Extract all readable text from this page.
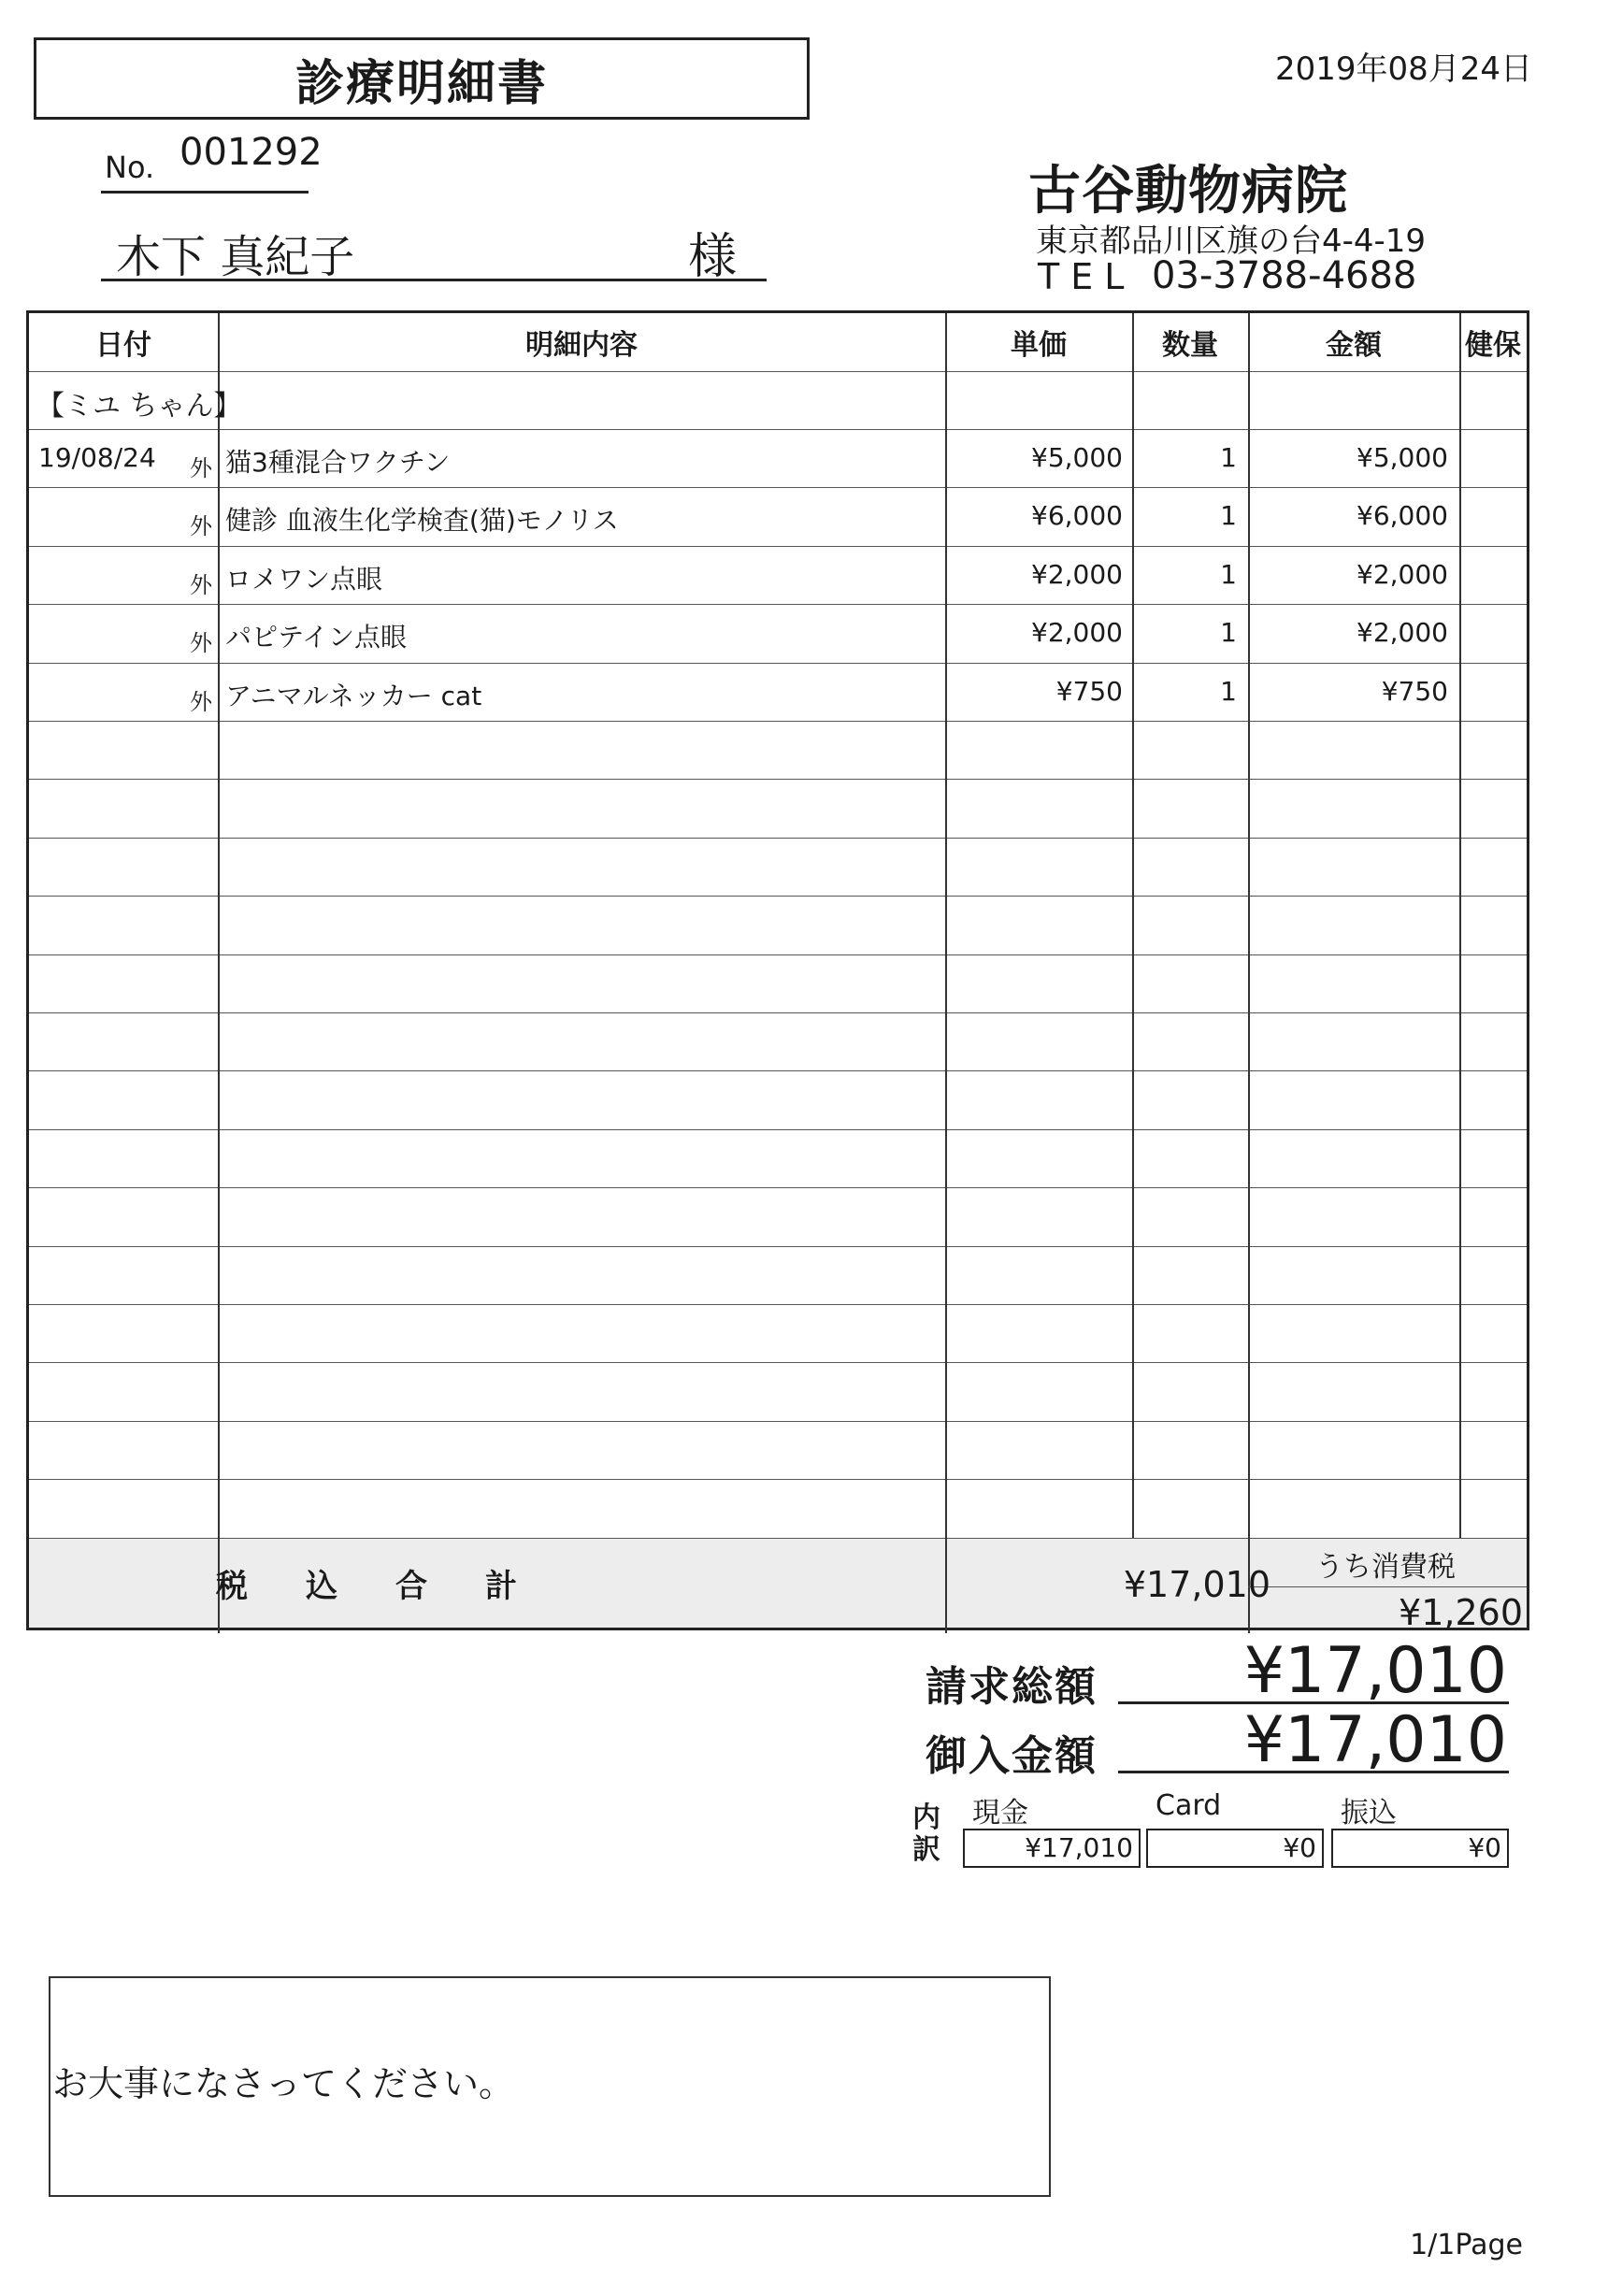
診療明細書	2019年08月24日
No. 001292
木下 真紀子	様
古谷動物病院
東京都品川区旗の台4-4-19
TEL 03-3788-4688
日付	明細内容	単価	数量	金額	健保
【ミユ ちゃん】
19/08/24 外 猫3種混合ワクチン	¥5,000	1	¥5,000
外 健診 血液生化学検査(猫)モノリス	¥6,000	1	¥6,000
外 ロメワン点眼	¥2,000	1	¥2,000
外 パピテイン点眼	¥2,000	1	¥2,000
外 アニマルネッカー cat	¥750	1	¥750
税込合計	¥17,010 うち消費税
¥1,260
請求総額	¥17,010
御入金額	¥17,010
内訳
現金
¥17,010
Card
¥0
振込
¥0
お大事になさってください。
1/1Page
